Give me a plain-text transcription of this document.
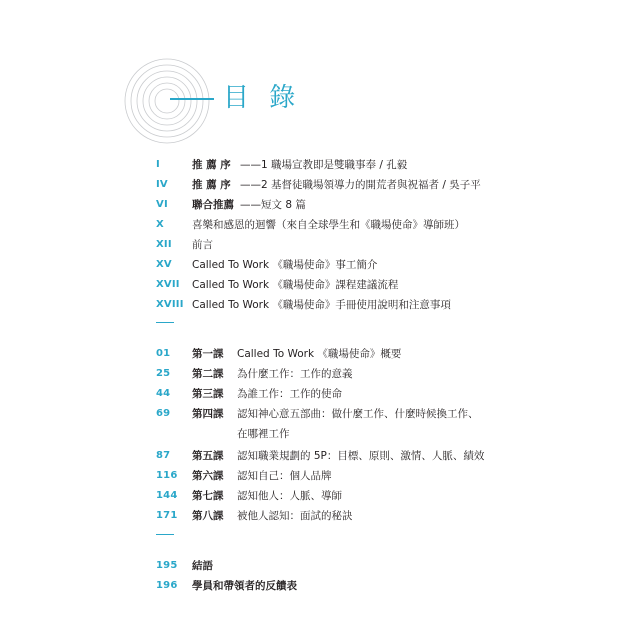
目 錄
I	推 薦 序 ——1 職場宣教即是雙職事奉 / 孔毅
IV	推 薦 序 ——2 基督徒職場領導力的開荒者與祝福者 / 吳子平
VI	聯合推薦 ——短文 8 篇
X	喜樂和感恩的迴響（來自全球學生和《職場使命》導師班）
XII	前言
XV	Called To Work 《職場使命》事工簡介
XVII	Called To Work 《職場使命》課程建議流程
XVIII Called To Work 《職場使命》手冊使用說明和注意事項
01	第一課 Called To Work 《職場使命》概要
25	第二課 為什麼工作：工作的意義
44	第三課 為誰工作：工作的使命
69	第四課 認知神心意五部曲：做什麼工作、什麼時候換工作、
在哪裡工作
87	第五課 認知職業規劃的 5P：目標、原則、激情、人脈、績效
116	第六課 認知自己：個人品牌
144	第七課 認知他人：人脈、導師
171	第八課 被他人認知：面試的秘訣
195	結語
196	學員和帶領者的反饋表
